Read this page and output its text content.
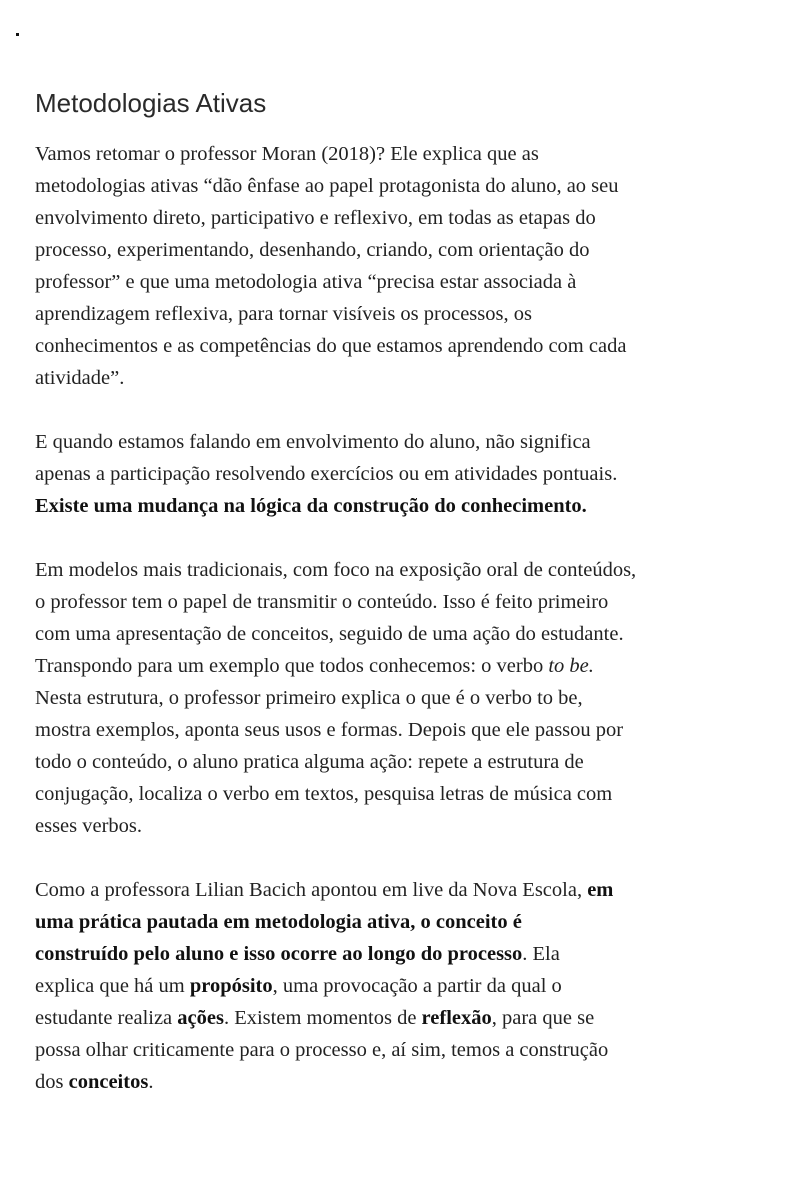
Metodologias Ativas

Vamos retomar o professor Moran (2018)? Ele explica que as
metodologias ativas “dão ênfase ao papel protagonista do aluno, ao seu
envolvimento direto, participativo e reflexivo, em todas as etapas do
processo, experimentando, desenhando, criando, com orientação do
professor” e que uma metodologia ativa “precisa estar associada à
aprendizagem reflexiva, para tornar visíveis os processos, os
conhecimentos e as competências do que estamos aprendendo com cada
atividade”.

E quando estamos falando em envolvimento do aluno, não significa
apenas a participação resolvendo exercícios ou em atividades pontuais.
Existe uma mudança na lógica da construção do conhecimento.

Em modelos mais tradicionais, com foco na exposição oral de conteúdos,
o professor tem o papel de transmitir o conteúdo. Isso é feito primeiro
com uma apresentação de conceitos, seguido de uma ação do estudante.
Transpondo para um exemplo que todos conhecemos: o verbo to be.
Nesta estrutura, o professor primeiro explica o que é o verbo to be,
mostra exemplos, aponta seus usos e formas. Depois que ele passou por
todo o conteúdo, o aluno pratica alguma ação: repete a estrutura de
conjugação, localiza o verbo em textos, pesquisa letras de música com
esses verbos.

Como a professora Lilian Bacich apontou em live da Nova Escola, em
uma prática pautada em metodologia ativa, o conceito é
construído pelo aluno e isso ocorre ao longo do processo. Ela
explica que há um propósito, uma provocação a partir da qual o
estudante realiza ações. Existem momentos de reflexão, para que se
possa olhar criticamente para o processo e, aí sim, temos a construção
dos conceitos.
